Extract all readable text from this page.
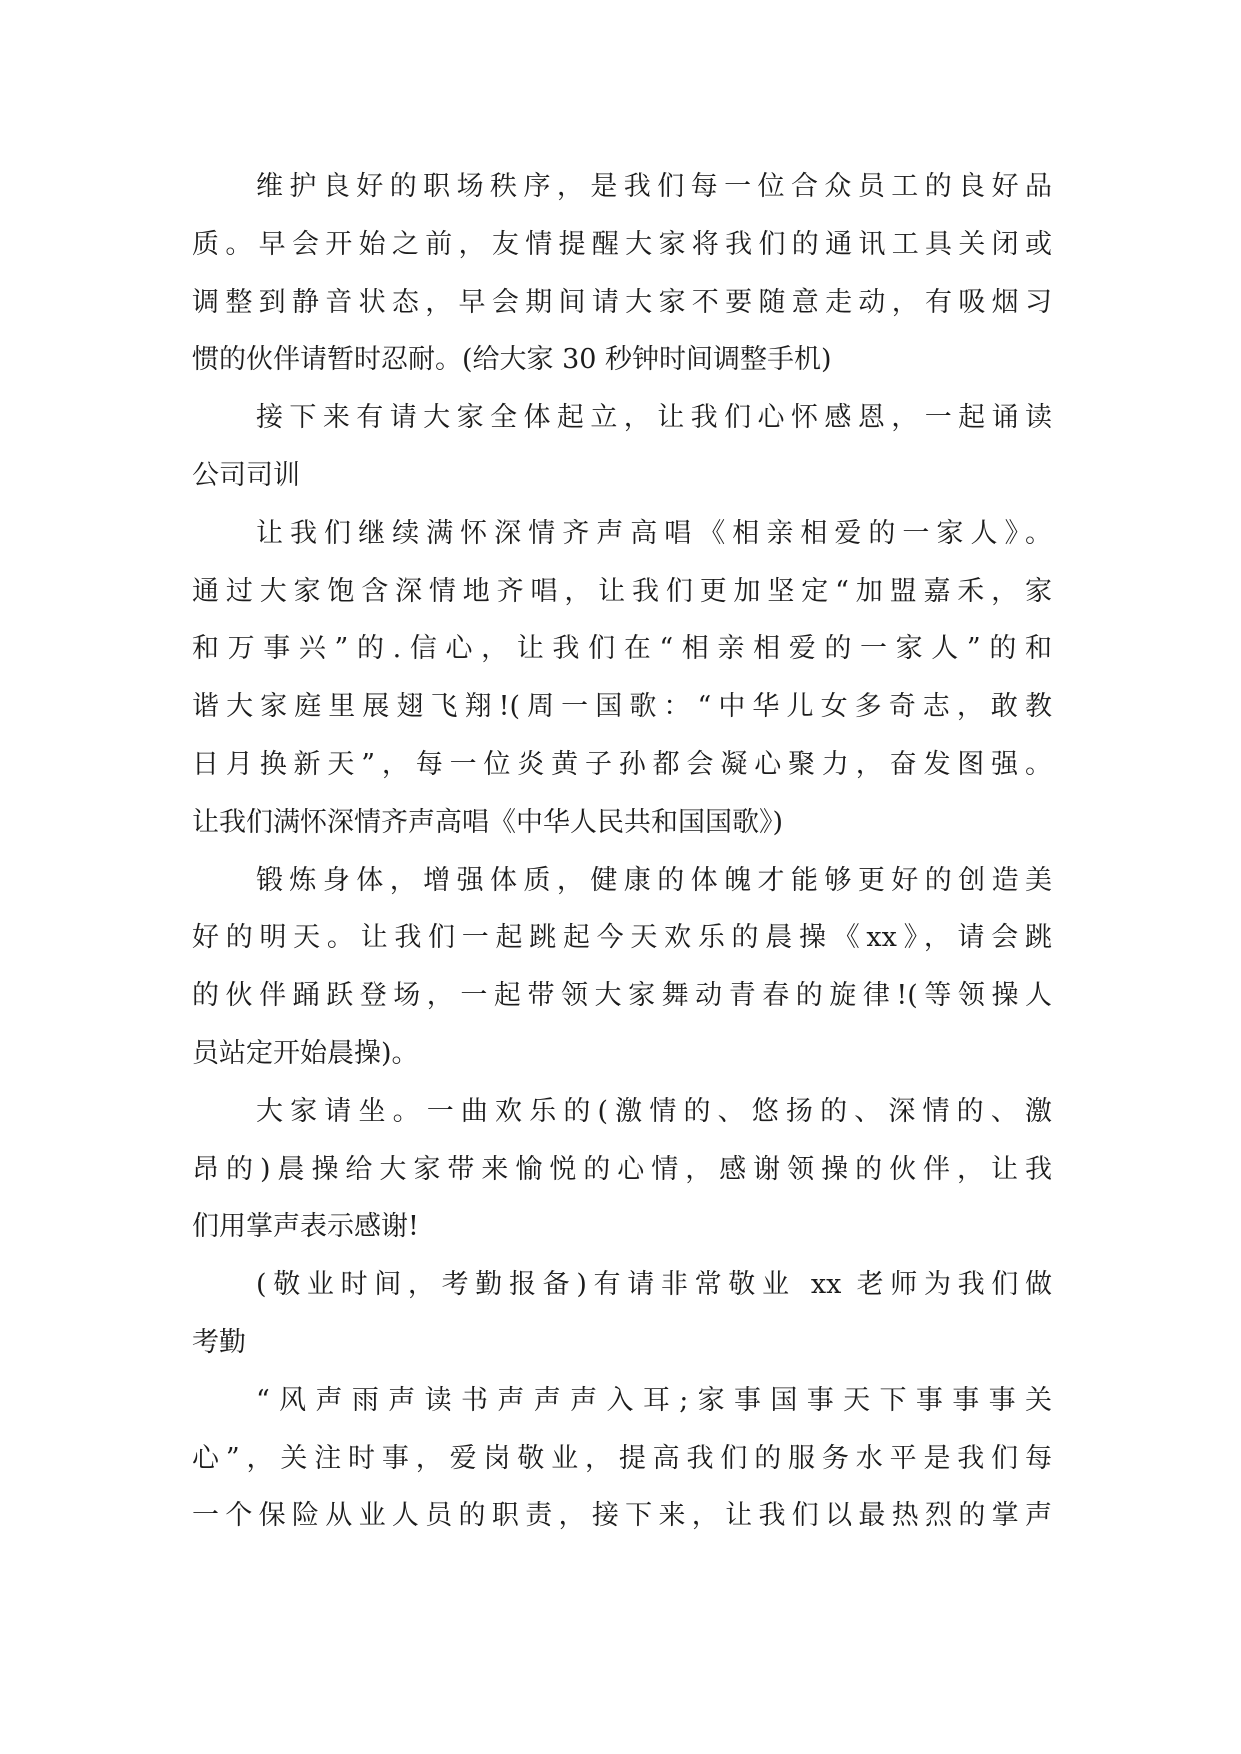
维护良好的职场秩序，是我们每一位合众员工的良好品
质。早会开始之前，友情提醒大家将我们的通讯工具关闭或
调整到静音状态，早会期间请大家不要随意走动，有吸烟习
惯的伙伴请暂时忍耐。(给大家 30 秒钟时间调整手机)
接下来有请大家全体起立，让我们心怀感恩，一起诵读
公司司训
让我们继续满怀深情齐声高唱《相亲相爱的一家人》。
通过大家饱含深情地齐唱，让我们更加坚定“加盟嘉禾，家
和万事兴”的.信心，让我们在“相亲相爱的一家人”的和
谐大家庭里展翅飞翔!(周一国歌：“中华儿女多奇志，敢教
日月换新天”，每一位炎黄子孙都会凝心聚力，奋发图强。
让我们满怀深情齐声高唱《中华人民共和国国歌》)
锻炼身体，增强体质，健康的体魄才能够更好的创造美
好的明天。让我们一起跳起今天欢乐的晨操《xx》，请会跳
的伙伴踊跃登场，一起带领大家舞动青春的旋律!(等领操人
员站定开始晨操)。
大家请坐。一曲欢乐的(激情的、悠扬的、深情的、激
昂的)晨操给大家带来愉悦的心情，感谢领操的伙伴，让我
们用掌声表示感谢!
(敬业时间，考勤报备)有请非常敬业 xx 老师为我们做
考勤
“风声雨声读书声声声入耳;家事国事天下事事事关
心”，关注时事，爱岗敬业，提高我们的服务水平是我们每
一个保险从业人员的职责，接下来，让我们以最热烈的掌声
